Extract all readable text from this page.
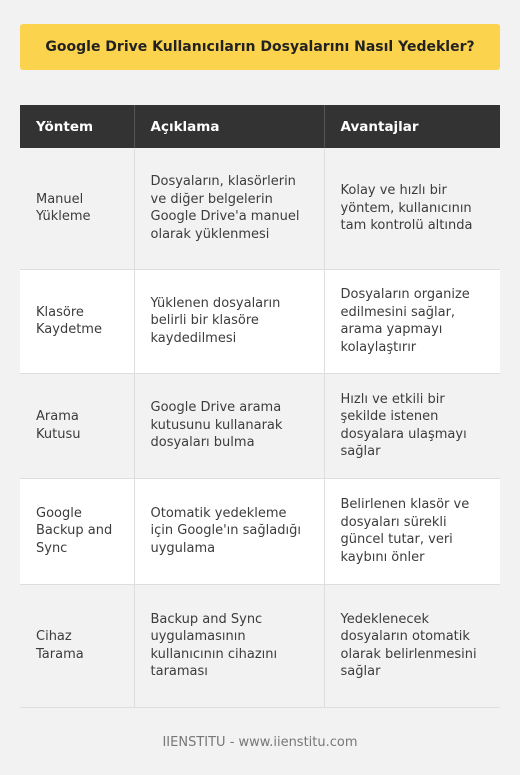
Google Drive Kullanıcıların Dosyalarını Nasıl Yedekler?
Yöntem	Açıklama	Avantajlar
Manuel Yükleme	Dosyaların, klasörlerin ve diğer belgelerin Google Drive'a manuel olarak yüklenmesi	Kolay ve hızlı bir yöntem, kullanıcının tam kontrolü altında
Klasöre Kaydetme	Yüklenen dosyaların belirli bir klasöre kaydedilmesi	Dosyaların organize edilmesini sağlar, arama yapmayı kolaylaştırır
Arama Kutusu	Google Drive arama kutusunu kullanarak dosyaları bulma	Hızlı ve etkili bir şekilde istenen dosyalara ulaşmayı sağlar
Google Backup and Sync	Otomatik yedekleme için Google'ın sağladığı uygulama	Belirlenen klasör ve dosyaları sürekli güncel tutar, veri kaybını önler
Cihaz Tarama	Backup and Sync uygulamasının kullanıcının cihazını taraması	Yedeklenecek dosyaların otomatik olarak belirlenmesini sağlar
IIENSTITU - www.iienstitu.com
